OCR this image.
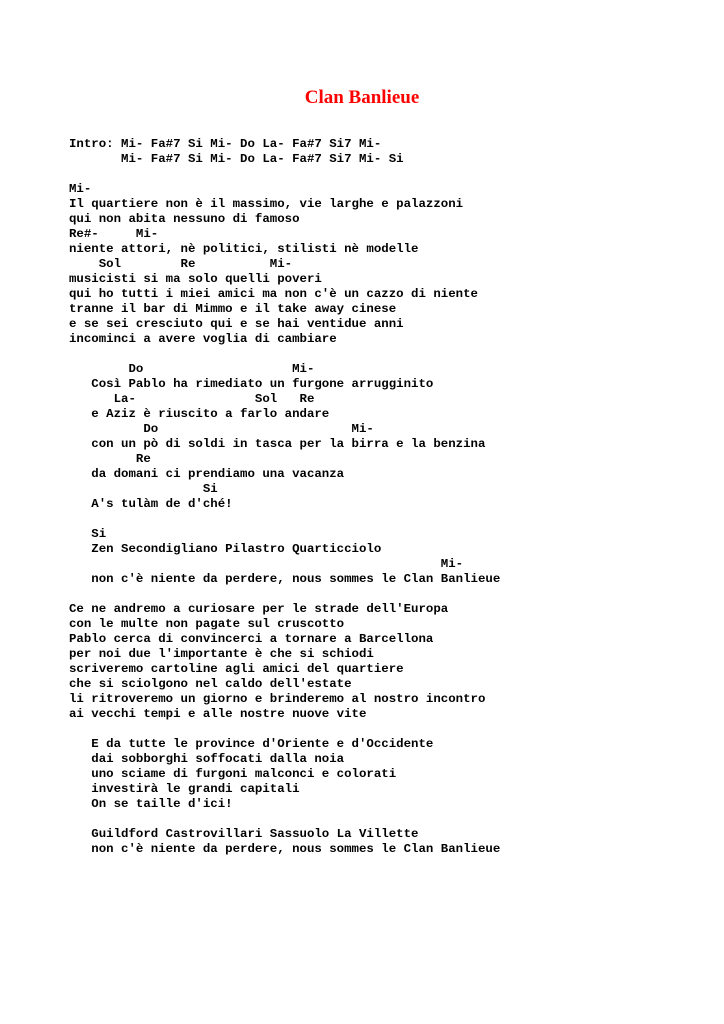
Clan Banlieue
Intro: Mi- Fa#7 Si Mi- Do La- Fa#7 Si7 Mi-
Mi- Fa#7 Si Mi- Do La- Fa#7 Si7 Mi- Si

Mi-
Il quartiere non è il massimo, vie larghe e palazzoni
qui non abita nessuno di famoso
Re#-     Mi-
niente attori, nè politici, stilisti nè modelle
Sol        Re          Mi-
musicisti si ma solo quelli poveri
qui ho tutti i miei amici ma non c'è un cazzo di niente
tranne il bar di Mimmo e il take away cinese
e se sei cresciuto qui e se hai ventidue anni
incominci a avere voglia di cambiare

Do                    Mi-
Così Pablo ha rimediato un furgone arrugginito
La-                Sol   Re
e Aziz è riuscito a farlo andare
Do                          Mi-
con un pò di soldi in tasca per la birra e la benzina
Re
da domani ci prendiamo una vacanza
Si
A's tulàm de d'ché!

Si
Zen Secondigliano Pilastro Quarticciolo
Mi-
non c'è niente da perdere, nous sommes le Clan Banlieue

Ce ne andremo a curiosare per le strade dell'Europa
con le multe non pagate sul cruscotto
Pablo cerca di convincerci a tornare a Barcellona
per noi due l'importante è che si schiodi
scriveremo cartoline agli amici del quartiere
che si sciolgono nel caldo dell'estate
li ritroveremo un giorno e brinderemo al nostro incontro
ai vecchi tempi e alle nostre nuove vite

E da tutte le province d'Oriente e d'Occidente
dai sobborghi soffocati dalla noia
uno sciame di furgoni malconci e colorati
investirà le grandi capitali
On se taille d'ici!

Guildford Castrovillari Sassuolo La Villette
non c'è niente da perdere, nous sommes le Clan Banlieue
